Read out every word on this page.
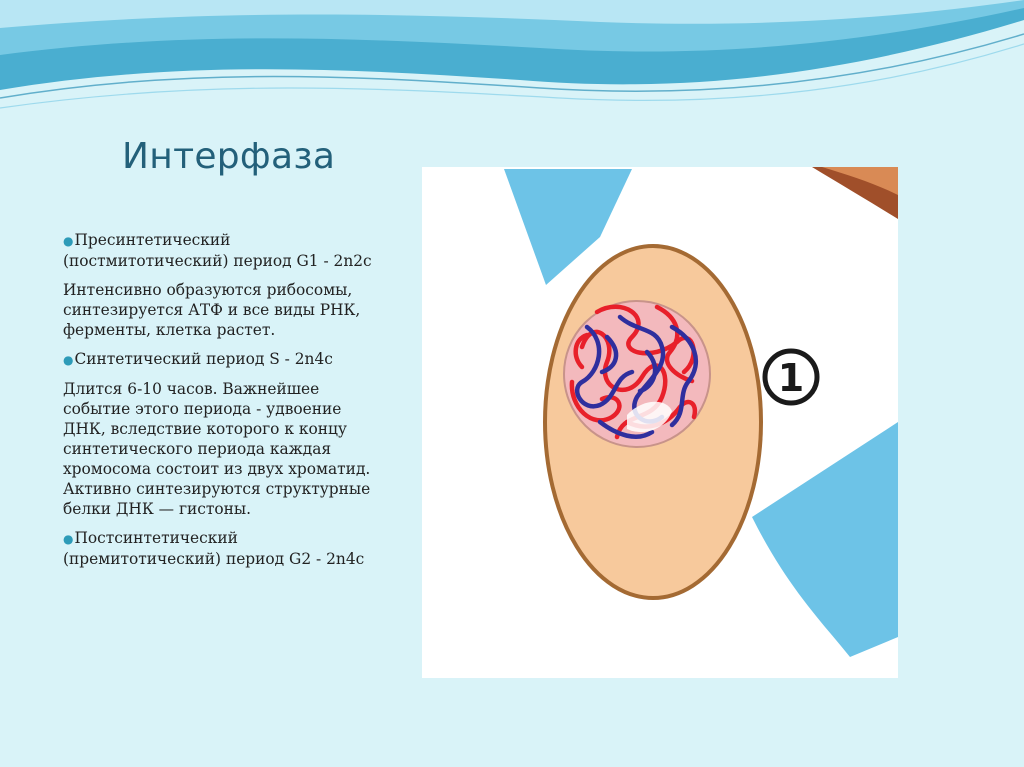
Интерфаза

●Пресинтетический (постмитотический) период G1 - 2n2c

Интенсивно образуются рибосомы, синтезируется АТФ и все виды РНК, ферменты, клетка растет.

●Синтетический период S - 2n4c

Длится 6-10 часов. Важнейшее событие этого периода - удвоение ДНК, вследствие которого к концу синтетического периода каждая хромосома состоит из двух хроматид. Активно синтезируются структурные белки ДНК — гистоны.

●Постсинтетический (премитотический) период G2 - 2n4c

1
